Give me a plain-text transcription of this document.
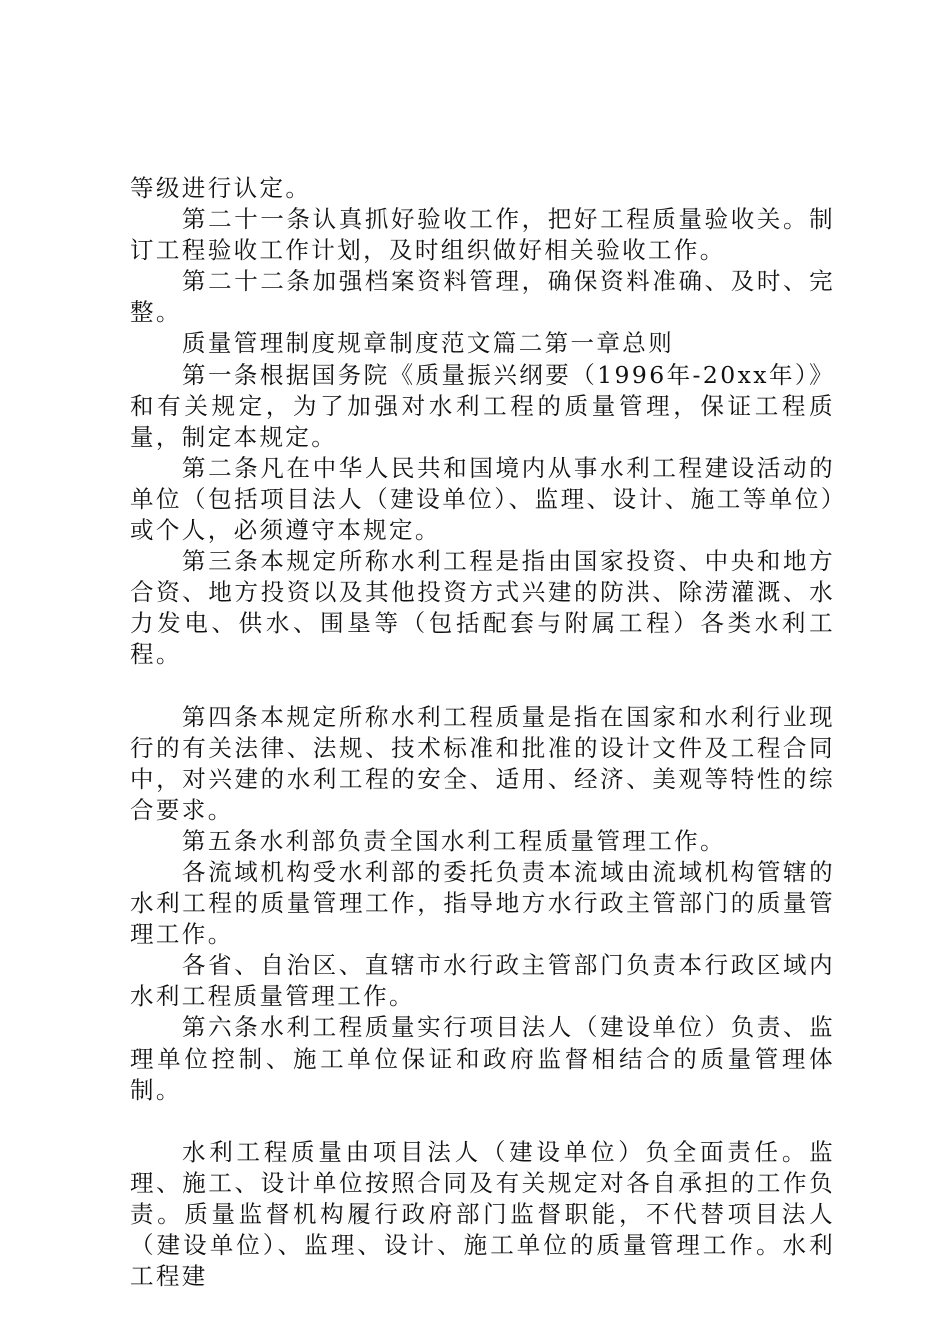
等级进行认定。

第二十一条认真抓好验收工作，把好工程质量验收关。制订工程验收工作计划，及时组织做好相关验收工作。

第二十二条加强档案资料管理，确保资料准确、及时、完整。

质量管理制度规章制度范文篇二第一章总则

第一条根据国务院《质量振兴纲要（1996年-20xx年）》和有关规定，为了加强对水利工程的质量管理，保证工程质量，制定本规定。

第二条凡在中华人民共和国境内从事水利工程建设活动的单位（包括项目法人（建设单位）、监理、设计、施工等单位）或个人，必须遵守本规定。

第三条本规定所称水利工程是指由国家投资、中央和地方合资、地方投资以及其他投资方式兴建的防洪、除涝灌溉、水力发电、供水、围垦等（包括配套与附属工程）各类水利工程。

第四条本规定所称水利工程质量是指在国家和水利行业现行的有关法律、法规、技术标准和批准的设计文件及工程合同中，对兴建的水利工程的安全、适用、经济、美观等特性的综合要求。

第五条水利部负责全国水利工程质量管理工作。

各流域机构受水利部的委托负责本流域由流域机构管辖的水利工程的质量管理工作，指导地方水行政主管部门的质量管理工作。

各省、自治区、直辖市水行政主管部门负责本行政区域内水利工程质量管理工作。

第六条水利工程质量实行项目法人（建设单位）负责、监理单位控制、施工单位保证和政府监督相结合的质量管理体制。

水利工程质量由项目法人（建设单位）负全面责任。监理、施工、设计单位按照合同及有关规定对各自承担的工作负责。质量监督机构履行政府部门监督职能，不代替项目法人（建设单位）、监理、设计、施工单位的质量管理工作。水利工程建
